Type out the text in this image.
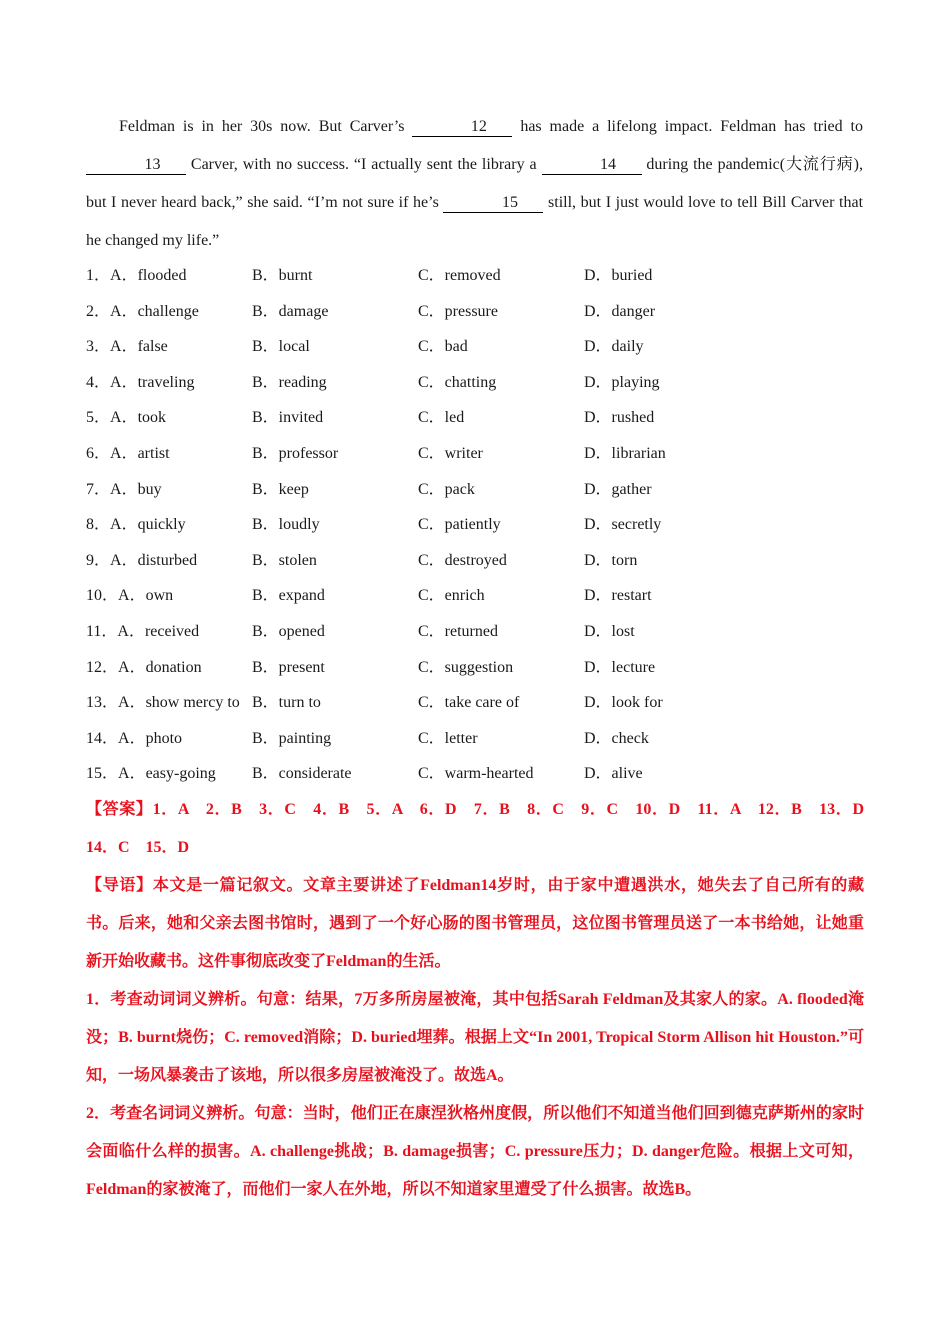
Feldman is in her 30s now. But Carver’s	12 has made a lifelong impact. Feldman has tried to 13 Carver, with no success. “I actually sent the library a	14 during the pandemic(大流行病), but I never heard back,” she said. “I’m not sure if he’s	15 still, but I just would love to tell Bill Carver that he changed my life.”

1．A．flooded	B．burnt	C．removed	D．buried
2．A．challenge	B．damage	C．pressure	D．danger
3．A．false	B．local	C．bad	D．daily
4．A．traveling	B．reading	C．chatting	D．playing
5．A．took	B．invited	C．led	D．rushed
6．A．artist	B．professor	C．writer	D．librarian
7．A．buy	B．keep	C．pack	D．gather
8．A．quickly	B．loudly	C．patiently	D．secretly
9．A．disturbed	B．stolen	C．destroyed	D．torn
10．A．own	B．expand	C．enrich	D．restart
11．A．received	B．opened	C．returned	D．lost
12．A．donation	B．present	C．suggestion	D．lecture
13．A．show mercy to B．turn to	C．take care of	D．look for
14．A．photo	B．painting	C．letter	D．check
15．A．easy-going B．considerate	C．warm-hearted	D．alive

【答案】1．A　2．B　3．C　4．B　5．A　6．D　7．B　8．C　9．C　10．D　11．A　12．B　13．D　14．C　15．D

【导语】本文是一篇记叙文。文章主要讲述了Feldman14岁时，由于家中遭遇洪水，她失去了自己所有的藏书。后来，她和父亲去图书馆时，遇到了一个好心肠的图书管理员，这位图书管理员送了一本书给她，让她重新开始收藏书。这件事彻底改变了Feldman的生活。

1．考查动词词义辨析。句意：结果，7万多所房屋被淹，其中包括Sarah Feldman及其家人的家。A. flooded淹没；B. burnt烧伤；C. removed消除；D. buried埋葬。根据上文“In 2001, Tropical Storm Allison hit Houston.”可知，一场风暴袭击了该地，所以很多房屋被淹没了。故选A。

2．考查名词词义辨析。句意：当时，他们正在康涅狄格州度假，所以他们不知道当他们回到德克萨斯州的家时会面临什么样的损害。A. challenge挑战；B. damage损害；C. pressure压力；D. danger危险。根据上文可知，Feldman的家被淹了，而他们一家人在外地，所以不知道家里遭受了什么损害。故选B。
